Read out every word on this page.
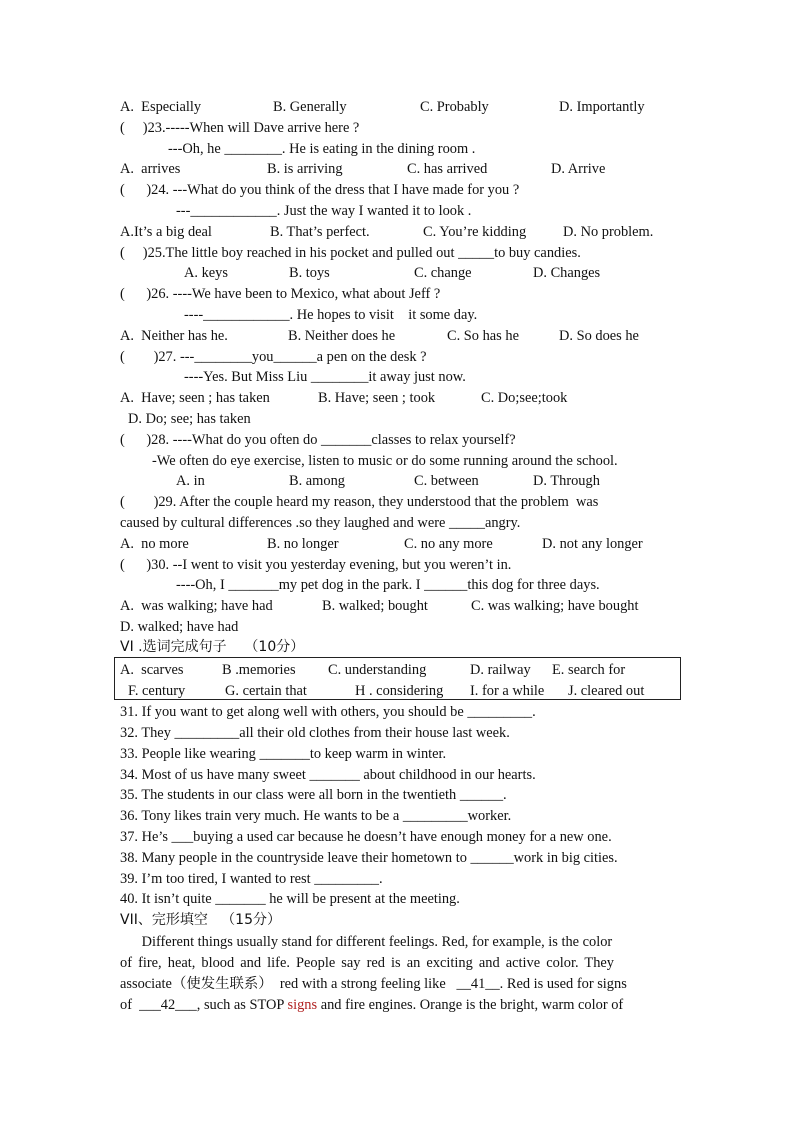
A.  Especially	B. Generally	C. Probably	D. Importantly
(     )23.-----When will Dave arrive here ?
---Oh, he ________. He is eating in the dining room .
A.  arrives	B. is arriving	C. has arrived	D. Arrive
(      )24. ---What do you think of the dress that I have made for you ?
---____________. Just the way I wanted it to look .
A.It’s a big deal	B. That’s perfect.	C. You’re kidding	D. No problem.
(     )25.The little boy reached in his pocket and pulled out _____to buy candies.
A. keys	B. toys	C. change	D. Changes
(      )26. ----We have been to Mexico, what about Jeff ?
----____________. He hopes to visit    it some day.
A.  Neither has he.	B. Neither does he	C. So has he	D. So does he
(        )27. ---________you______a pen on the desk ?
----Yes. But Miss Liu ________it away just now.
A.  Have; seen ; has taken	B. Have; seen ; took	C. Do;see;took
D. Do; see; has taken
(      )28. ----What do you often do _______classes to relax yourself?
-We often do eye exercise, listen to music or do some running around the school.
A. in	B. among	C. between	D. Through
(        )29. After the couple heard my reason, they understood that the problem  was
caused by cultural differences .so they laughed and were _____angry.
A.  no more	B. no longer	C. no any more	D. not any longer
(      )30. --I went to visit you yesterday evening, but you weren’t in.
----Oh, I _______my pet dog in the park. I ______this dog for three days.
A.  was walking; have had	B. walked; bought	C. was walking; have bought
D. walked; have had
VI .选词完成句子    （10分）
A.  scarves	B .memories C. understanding	D. railway E. search for
F. century	G. certain that	H . considering I. for a while J. cleared out
31. If you want to get along well with others, you should be _________.
32. They _________all their old clothes from their house last week.
33. People like wearing _______to keep warm in winter.
34. Most of us have many sweet _______ about childhood in our hearts.
35. The students in our class were all born in the twentieth ______.
36. Tony likes train very much. He wants to be a _________worker.
37. He’s ___buying a used car because he doesn’t have enough money for a new one.
38. Many people in the countryside leave their hometown to ______work in big cities.
39. I’m too tired, I wanted to rest _________.
40. It isn’t quite _______ he will be present at the meeting.
VII、完形填空   （15分）
Different things usually stand for different feelings. Red, for example, is the color
of fire, heat, blood and life. People say red is an exciting and active color. They
associate（使发生联系）  red with a strong feeling like   __41__. Red is used for signs
of  ___42___, such as STOP signs and fire engines. Orange is the bright, warm color of
